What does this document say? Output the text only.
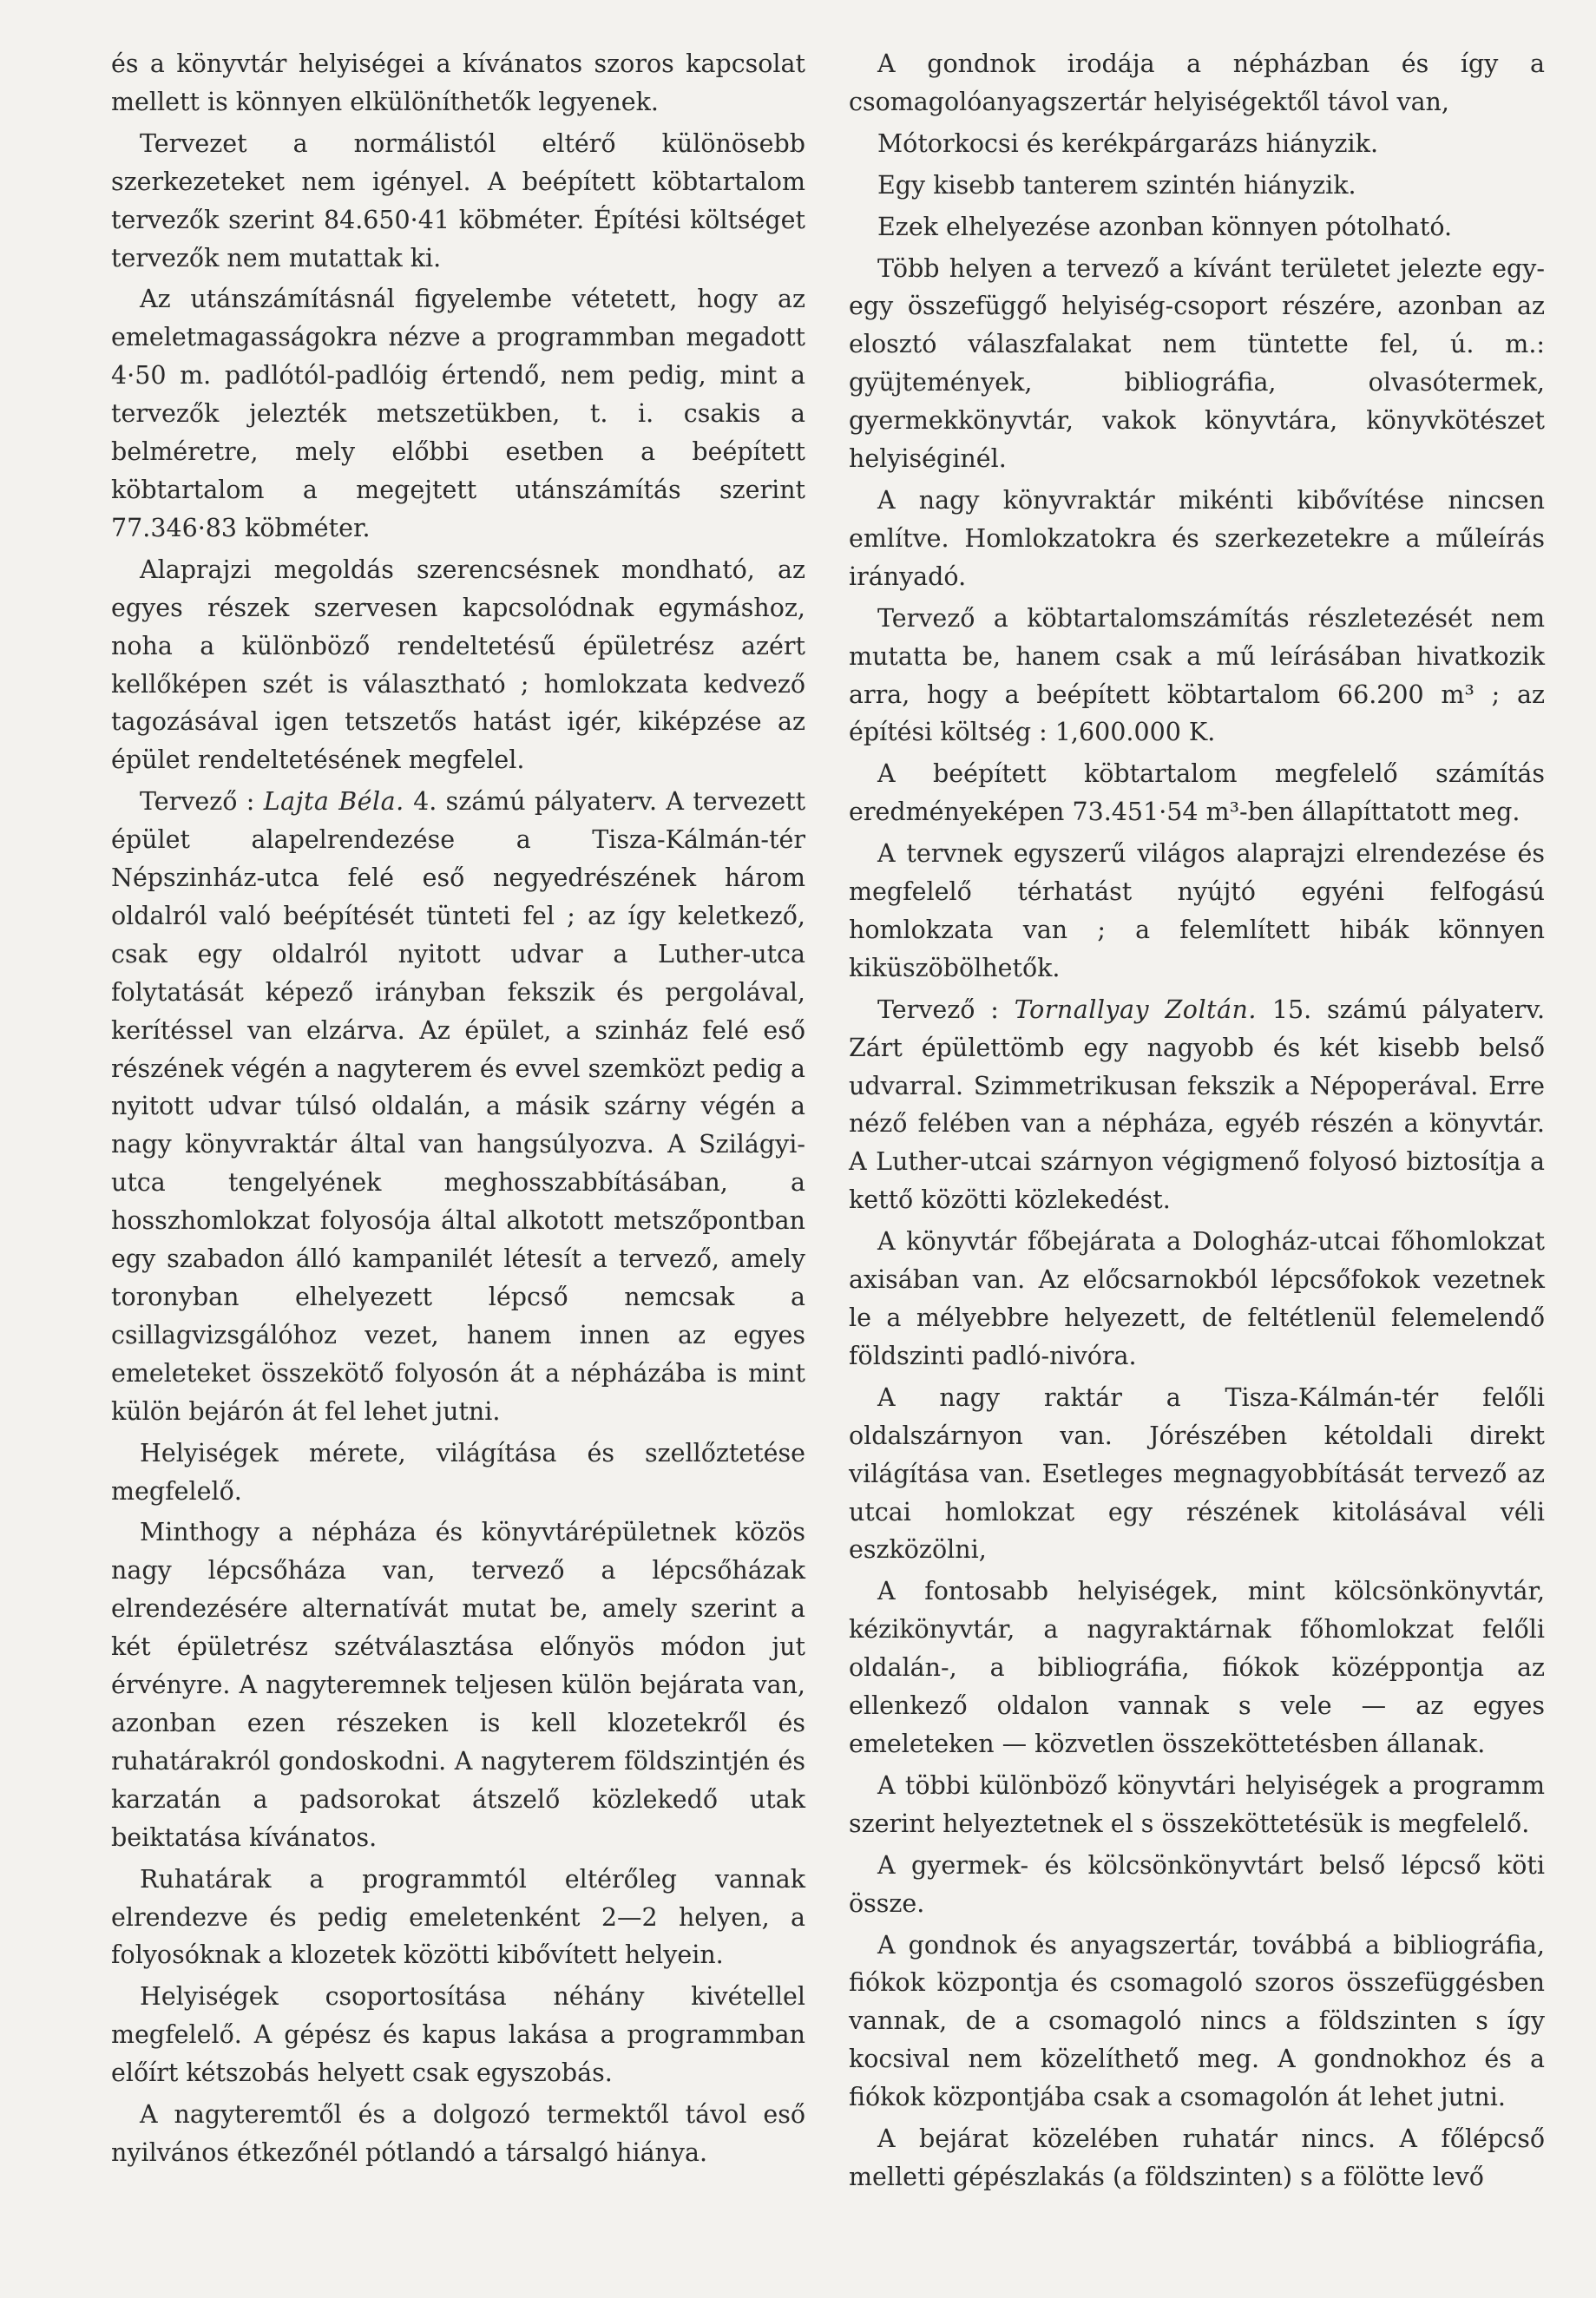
és a könyvtár helyiségei a kívánatos szoros kapcsolat mellett is könnyen elkülöníthetők legyenek.

Tervezet a normálistól eltérő különösebb szerkezeteket nem igényel. A beépített köbtartalom tervezők szerint 84.650·41 köbméter. Építési költséget tervezők nem mutattak ki.

Az utánszámításnál figyelembe vétetett, hogy az emeletmagasságokra nézve a programmban megadott 4·50 m. padlótól-padlóig értendő, nem pedig, mint a tervezők jelezték metszetükben, t. i. csakis a belméretre, mely előbbi esetben a beépített köbtartalom a megejtett utánszámítás szerint 77.346·83 köbméter.

Alaprajzi megoldás szerencsésnek mondható, az egyes részek szervesen kapcsolódnak egymáshoz, noha a különböző rendeltetésű épületrész azért kellőképen szét is választható ; homlokzata kedvező tagozásával igen tetszetős hatást igér, kiképzése az épület rendeltetésének megfelel.

Tervező : Lajta Béla. 4. számú pályaterv. A tervezett épület alapelrendezése a Tisza-Kálmán-tér Népszinház-utca felé eső negyedrészének három oldalról való beépítését tünteti fel ; az így keletkező, csak egy oldalról nyitott udvar a Luther-utca folytatását képező irányban fekszik és pergolával, kerítéssel van elzárva. Az épület, a szinház felé eső részének végén a nagyterem és evvel szemközt pedig a nyitott udvar túlsó oldalán, a másik szárny végén a nagy könyvraktár által van hangsúlyozva. A Szilágyi-utca tengelyének meghosszabbításában, a hosszhomlokzat folyosója által alkotott metszőpontban egy szabadon álló kampanilét létesít a tervező, amely toronyban elhelyezett lépcső nemcsak a csillagvizsgálóhoz vezet, hanem innen az egyes emeleteket összekötő folyosón át a népházába is mint külön bejárón át fel lehet jutni.

Helyiségek mérete, világítása és szellőztetése megfelelő.

Minthogy a népháza és könyvtárépületnek közös nagy lépcsőháza van, tervező a lépcsőházak elrendezésére alternatívát mutat be, amely szerint a két épületrész szétválasztása előnyös módon jut érvényre. A nagyteremnek teljesen külön bejárata van, azonban ezen részeken is kell klozetekről és ruhatárakról gondoskodni. A nagyterem földszintjén és karzatán a padsorokat átszelő közlekedő utak beiktatása kívánatos.

Ruhatárak a programmtól eltérőleg vannak elrendezve és pedig emeletenként 2—2 helyen, a folyosóknak a klozetek közötti kibővített helyein.

Helyiségek csoportosítása néhány kivétellel megfelelő. A gépész és kapus lakása a programmban előírt kétszobás helyett csak egyszobás.

A nagyteremtől és a dolgozó termektől távol eső nyilvános étkezőnél pótlandó a társalgó hiánya.

A gondnok irodája a népházban és így a csomagolóanyagszertár helyiségektől távol van,

Mótorkocsi és kerékpárgarázs hiányzik.

Egy kisebb tanterem szintén hiányzik.

Ezek elhelyezése azonban könnyen pótolható.

Több helyen a tervező a kívánt területet jelezte egy-egy összefüggő helyiség-csoport részére, azonban az elosztó válaszfalakat nem tüntette fel, ú. m.: gyüjtemények, bibliográfia, olvasótermek, gyermekkönyvtár, vakok könyvtára, könyvkötészet helyiséginél.

A nagy könyvraktár mikénti kibővítése nincsen említve. Homlokzatokra és szerkezetekre a műleírás irányadó.

Tervező a köbtartalomszámítás részletezését nem mutatta be, hanem csak a mű leírásában hivatkozik arra, hogy a beépített köbtartalom 66.200 m³ ; az építési költség : 1,600.000 K.

A beépített köbtartalom megfelelő számítás eredményeképen 73.451·54 m³-ben állapíttatott meg.

A tervnek egyszerű világos alaprajzi elrendezése és megfelelő térhatást nyújtó egyéni felfogású homlokzata van ; a felemlített hibák könnyen kiküszöbölhetők.

Tervező : Tornallyay Zoltán. 15. számú pályaterv. Zárt épülettömb egy nagyobb és két kisebb belső udvarral. Szimmetrikusan fekszik a Népoperával. Erre néző felében van a népháza, egyéb részén a könyvtár. A Luther-utcai szárnyon végigmenő folyosó biztosítja a kettő közötti közlekedést.

A könyvtár főbejárata a Dologház-utcai főhomlokzat axisában van. Az előcsarnokból lépcsőfokok vezetnek le a mélyebbre helyezett, de feltétlenül felemelendő földszinti padló-nivóra.

A nagy raktár a Tisza-Kálmán-tér felőli oldalszárnyon van. Jórészében kétoldali direkt világítása van. Esetleges megnagyobbítását tervező az utcai homlokzat egy részének kitolásával véli eszközölni,

A fontosabb helyiségek, mint kölcsönkönyvtár, kézikönyvtár, a nagyraktárnak főhomlokzat felőli oldalán-, a bibliográfia, fiókok középpontja az ellenkező oldalon vannak s vele — az egyes emeleteken — közvetlen összeköttetésben állanak.

A többi különböző könyvtári helyiségek a programm szerint helyeztetnek el s összeköttetésük is megfelelő.

A gyermek- és kölcsönkönyvtárt belső lépcső köti össze.

A gondnok és anyagszertár, továbbá a bibliográfia, fiókok központja és csomagoló szoros összefüggésben vannak, de a csomagoló nincs a földszinten s így kocsival nem közelíthető meg. A gondnokhoz és a fiókok központjába csak a csomagolón át lehet jutni.

A bejárat közelében ruhatár nincs. A főlépcső melletti gépészlakás (a földszinten) s a fölötte levő
